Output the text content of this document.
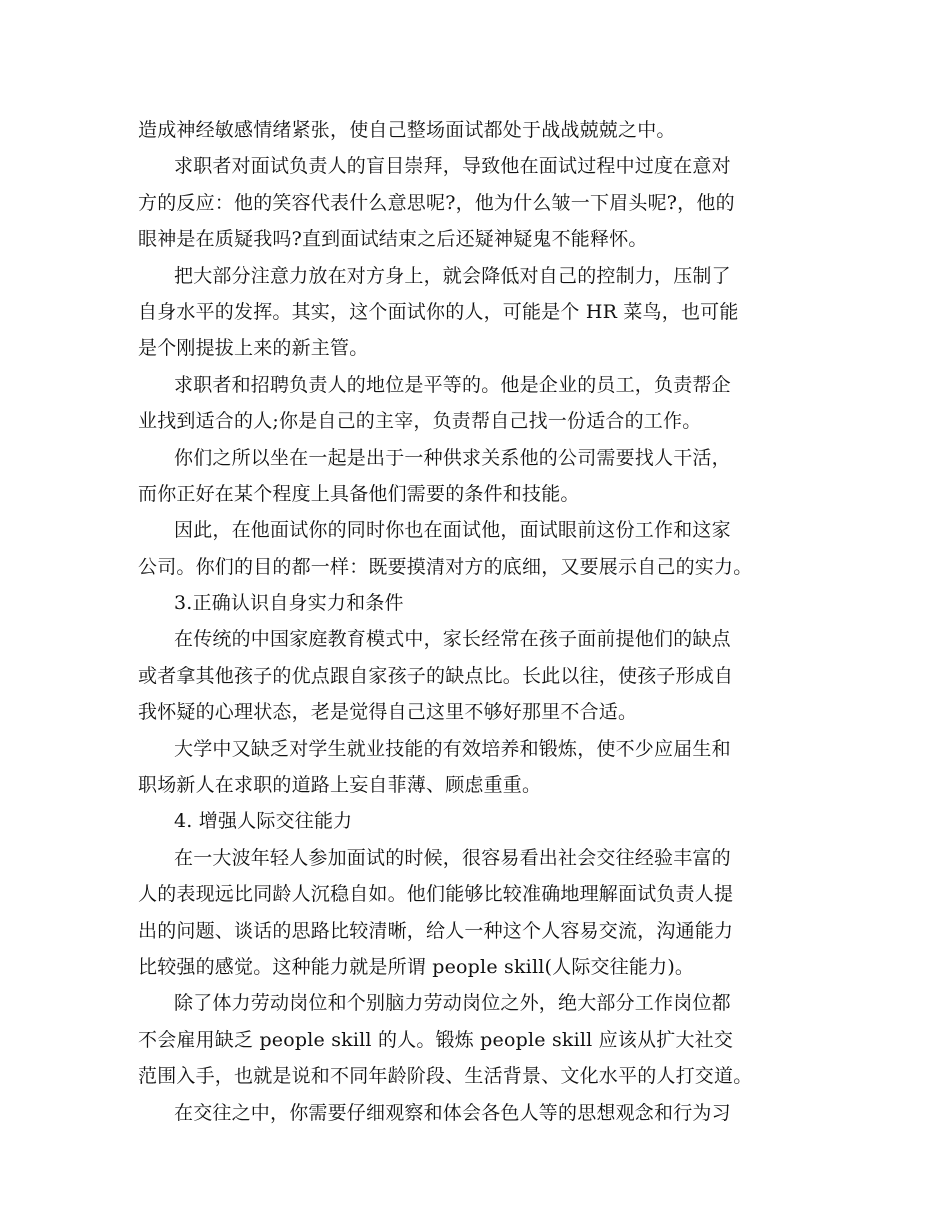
造成神经敏感情绪紧张，使自己整场面试都处于战战兢兢之中。
求职者对面试负责人的盲目崇拜，导致他在面试过程中过度在意对
方的反应：他的笑容代表什么意思呢?，他为什么皱一下眉头呢?，他的
眼神是在质疑我吗?直到面试结束之后还疑神疑鬼不能释怀。
把大部分注意力放在对方身上，就会降低对自己的控制力，压制了
自身水平的发挥。其实，这个面试你的人，可能是个 HR 菜鸟，也可能
是个刚提拔上来的新主管。
求职者和招聘负责人的地位是平等的。他是企业的员工，负责帮企
业找到适合的人;你是自己的主宰，负责帮自己找一份适合的工作。
你们之所以坐在一起是出于一种供求关系他的公司需要找人干活，
而你正好在某个程度上具备他们需要的条件和技能。
因此，在他面试你的同时你也在面试他，面试眼前这份工作和这家
公司。你们的目的都一样：既要摸清对方的底细，又要展示自己的实力。
3.正确认识自身实力和条件
在传统的中国家庭教育模式中，家长经常在孩子面前提他们的缺点
或者拿其他孩子的优点跟自家孩子的缺点比。长此以往，使孩子形成自
我怀疑的心理状态，老是觉得自己这里不够好那里不合适。
大学中又缺乏对学生就业技能的有效培养和锻炼，使不少应届生和
职场新人在求职的道路上妄自菲薄、顾虑重重。
4. 增强人际交往能力
在一大波年轻人参加面试的时候，很容易看出社会交往经验丰富的
人的表现远比同龄人沉稳自如。他们能够比较准确地理解面试负责人提
出的问题、谈话的思路比较清晰，给人一种这个人容易交流，沟通能力
比较强的感觉。这种能力就是所谓 people skill(人际交往能力)。
除了体力劳动岗位和个别脑力劳动岗位之外，绝大部分工作岗位都
不会雇用缺乏 people skill 的人。锻炼 people skill 应该从扩大社交
范围入手，也就是说和不同年龄阶段、生活背景、文化水平的人打交道。
在交往之中，你需要仔细观察和体会各色人等的思想观念和行为习
